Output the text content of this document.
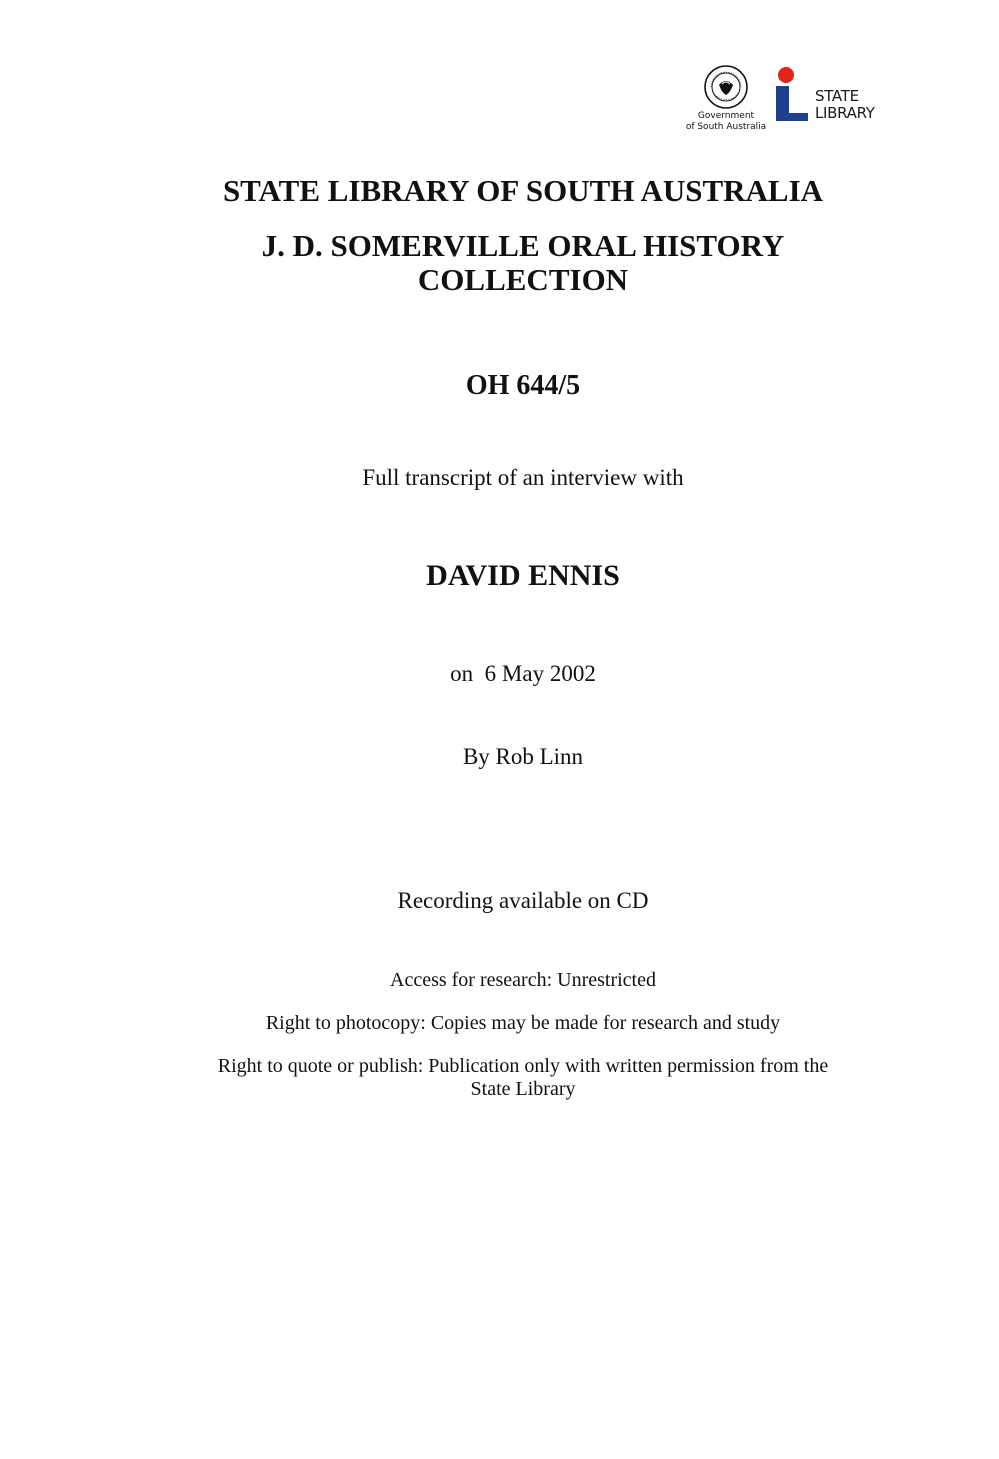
Government
of South Australia
STATE
LIBRARY
STATE LIBRARY OF SOUTH AUSTRALIA
J. D. SOMERVILLE ORAL HISTORY
COLLECTION
OH 644/5
Full transcript of an interview with
DAVID ENNIS
on  6 May 2002
By Rob Linn
Recording available on CD
Access for research: Unrestricted
Right to photocopy: Copies may be made for research and study
Right to quote or publish: Publication only with written permission from the
State Library
